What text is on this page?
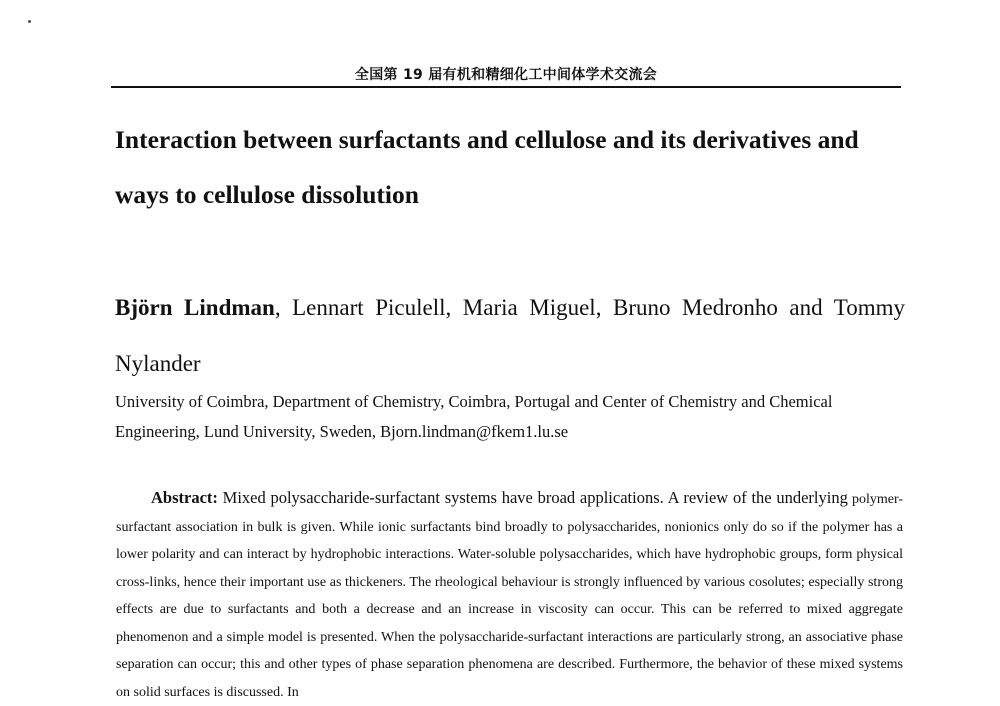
全国第 19 届有机和精细化工中间体学术交流会
Interaction between surfactants and cellulose and its derivatives and ways to cellulose dissolution

Björn Lindman, Lennart Piculell, Maria Miguel, Bruno Medronho and Tommy Nylander

University of Coimbra, Department of Chemistry, Coimbra, Portugal and Center of Chemistry and Chemical Engineering, Lund University, Sweden, Bjorn.lindman@fkem1.lu.se

Abstract: Mixed polysaccharide-surfactant systems have broad applications. A review of the underlying polymer-surfactant association in bulk is given. While ionic surfactants bind broadly to polysaccharides, nonionics only do so if the polymer has a lower polarity and can interact by hydrophobic interactions. Water-soluble polysaccharides, which have hydrophobic groups, form physical cross-links, hence their important use as thickeners. The rheological behaviour is strongly influenced by various cosolutes; especially strong effects are due to surfactants and both a decrease and an increase in viscosity can occur. This can be referred to mixed aggregate phenomenon and a simple model is presented. When the polysaccharide-surfactant interactions are particularly strong, an associative phase separation can occur; this and other types of phase separation phenomena are described. Furthermore, the behavior of these mixed systems on solid surfaces is discussed. In
